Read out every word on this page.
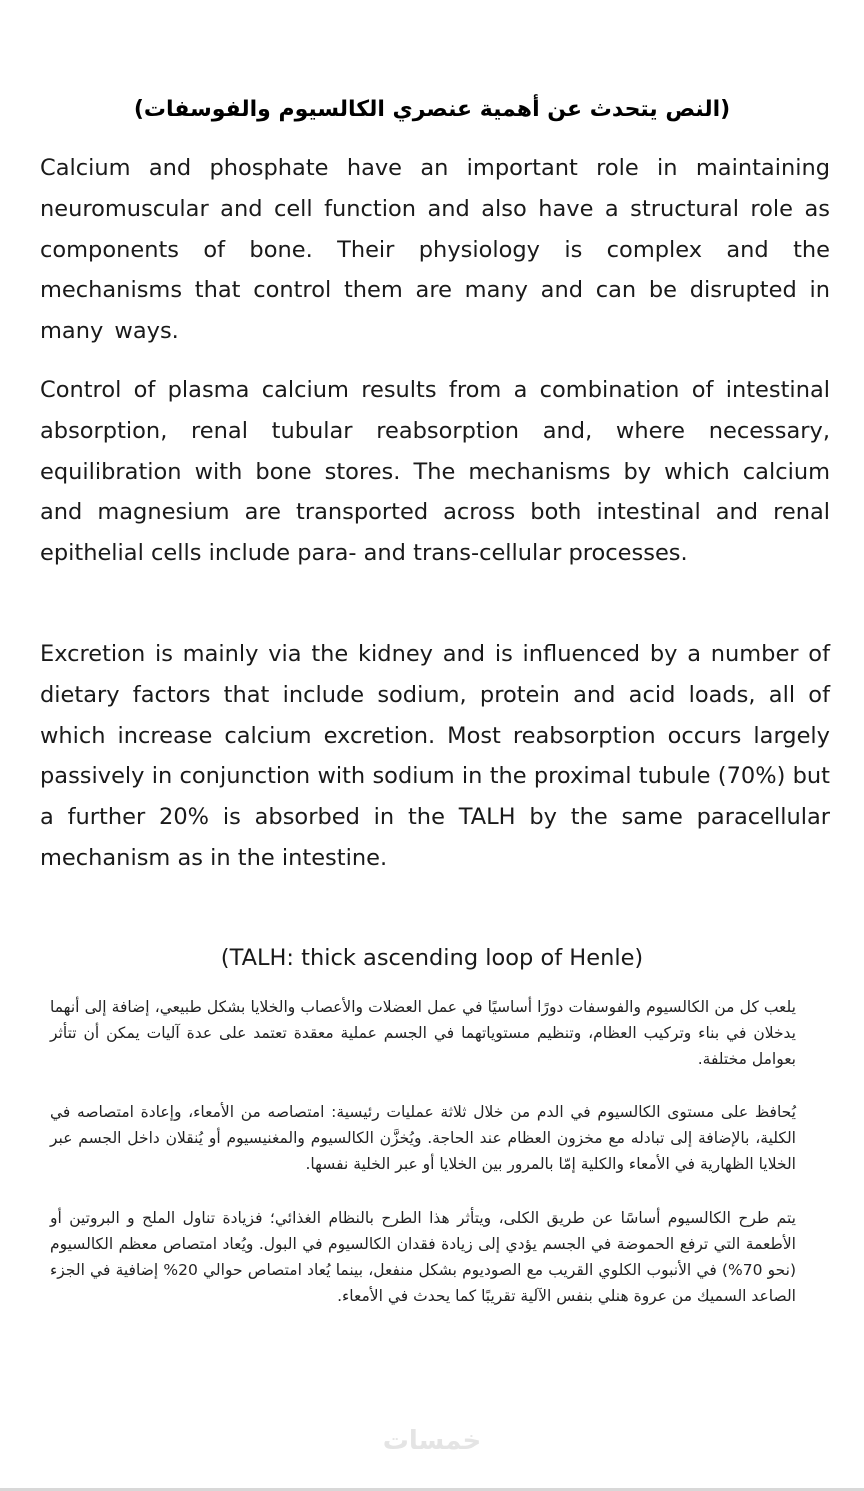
(النص يتحدث عن أهمية عنصري الكالسيوم والفوسفات)

Calcium and phosphate have an important role in maintaining neuromuscular and cell function and also have a structural role as components of bone. Their physiology is complex and the mechanisms that control them are many and can be disrupted in many ways.

Control of plasma calcium results from a combination of intestinal absorption, renal tubular reabsorption and, where necessary, equilibration with bone stores. The mechanisms by which calcium and magnesium are transported across both intestinal and renal epithelial cells include para- and trans-cellular processes.

Excretion is mainly via the kidney and is influenced by a number of dietary factors that include sodium, protein and acid loads, all of which increase calcium excretion. Most reabsorption occurs largely passively in conjunction with sodium in the proximal tubule (70%) but a further 20% is absorbed in the TALH by the same paracellular mechanism as in the intestine.

(TALH: thick ascending loop of Henle)

يلعب كل من الكالسيوم والفوسفات دورًا أساسيًا في عمل العضلات والأعصاب والخلايا بشكل طبيعي، إضافة إلى أنهما يدخلان في بناء وتركيب العظام، وتنظيم مستوياتهما في الجسم عملية معقدة تعتمد على عدة آليات يمكن أن تتأثر بعوامل مختلفة.

يُحافظ على مستوى الكالسيوم في الدم من خلال ثلاثة عمليات رئيسية: امتصاصه من الأمعاء، وإعادة امتصاصه في الكلية، بالإضافة إلى تبادله مع مخزون العظام عند الحاجة. ويُخزَّن الكالسيوم والمغنيسيوم أو يُنقلان داخل الجسم عبر الخلايا الظهارية في الأمعاء والكلية إمّا بالمرور بين الخلايا أو عبر الخلية نفسها.

يتم طرح الكالسيوم أساسًا عن طريق الكلى، ويتأثر هذا الطرح بالنظام الغذائي؛ فزيادة تناول الملح و البروتين أو الأطعمة التي ترفع الحموضة في الجسم يؤدي إلى زيادة فقدان الكالسيوم في البول. ويُعاد امتصاص معظم الكالسيوم (نحو 70%) في الأنبوب الكلوي القريب مع الصوديوم بشكل منفعل، بينما يُعاد امتصاص حوالي 20% إضافية في الجزء الصاعد السميك من عروة هنلي بنفس الآلية تقريبًا كما يحدث في الأمعاء.

خمسات
